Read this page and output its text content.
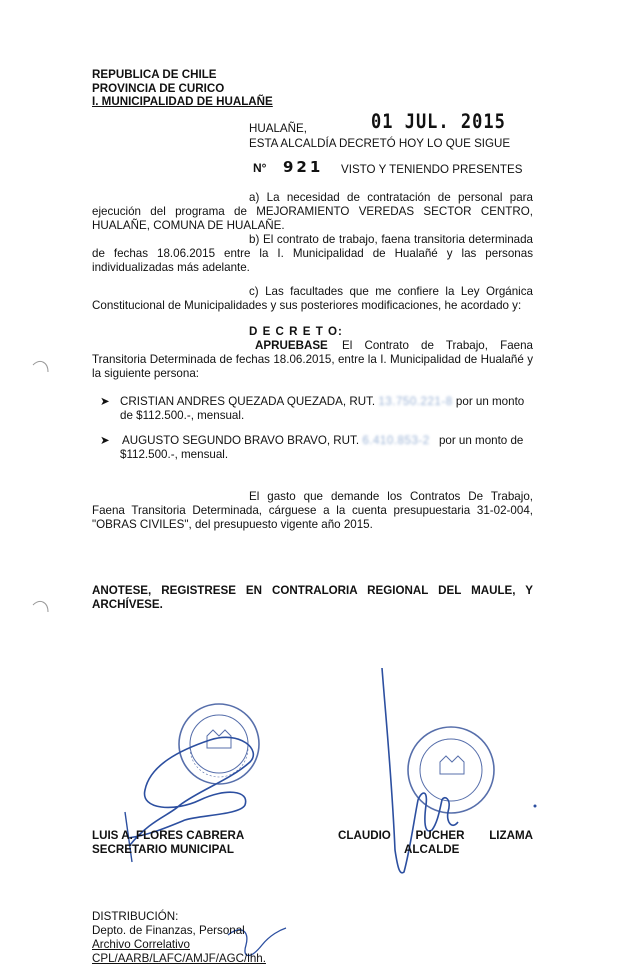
REPUBLICA DE CHILE
PROVINCIA DE CURICO
I. MUNICIPALIDAD DE HUALAÑE
HUALAÑE,	01 JUL. 2015
ESTA ALCALDÍA DECRETÓ HOY LO QUE SIGUE
N° 921 VISTO Y TENIENDO PRESENTES
a) La necesidad de contratación de personal para
ejecución del programa de MEJORAMIENTO VEREDAS SECTOR CENTRO, HUALAÑE, COMUNA DE HUALAÑE.
b) El contrato de trabajo, faena transitoria determinada
de fechas 18.06.2015 entre la I. Municipalidad de Hualañé y las personas individualizadas más adelante.
c) Las facultades que me confiere la Ley Orgánica
Constitucional de Municipalidades y sus posteriores modificaciones, he acordado y:
D E C R E T O:
APRUEBASE El Contrato de Trabajo, Faena
Transitoria Determinada de fechas 18.06.2015, entre la I. Municipalidad de Hualañé y la siguiente persona:
➤ CRISTIAN ANDRES QUEZADA QUEZADA, RUT. 13.750.221-8 por un monto
de $112.500.-, mensual.
➤ AUGUSTO SEGUNDO BRAVO BRAVO, RUT. 6.410.853-2 por un monto de
$112.500.-, mensual.
El gasto que demande los Contratos De Trabajo,
Faena Transitoria Determinada, cárguese a la cuenta presupuestaria 31-02-004, "OBRAS CIVILES", del presupuesto vigente año 2015.
ANOTESE, REGISTRESE EN CONTRALORIA REGIONAL DEL MAULE, Y ARCHÍVESE.
LUIS A. FLORES CABRERA
SECRETARIO MUNICIPAL
CLAUDIO PUCHER LIZAMA
ALCALDE
DISTRIBUCIÓN:
Depto. de Finanzas, Personal
Archivo Correlativo
CPL/AARB/LAFC/AMJF/AGC/lhh.
